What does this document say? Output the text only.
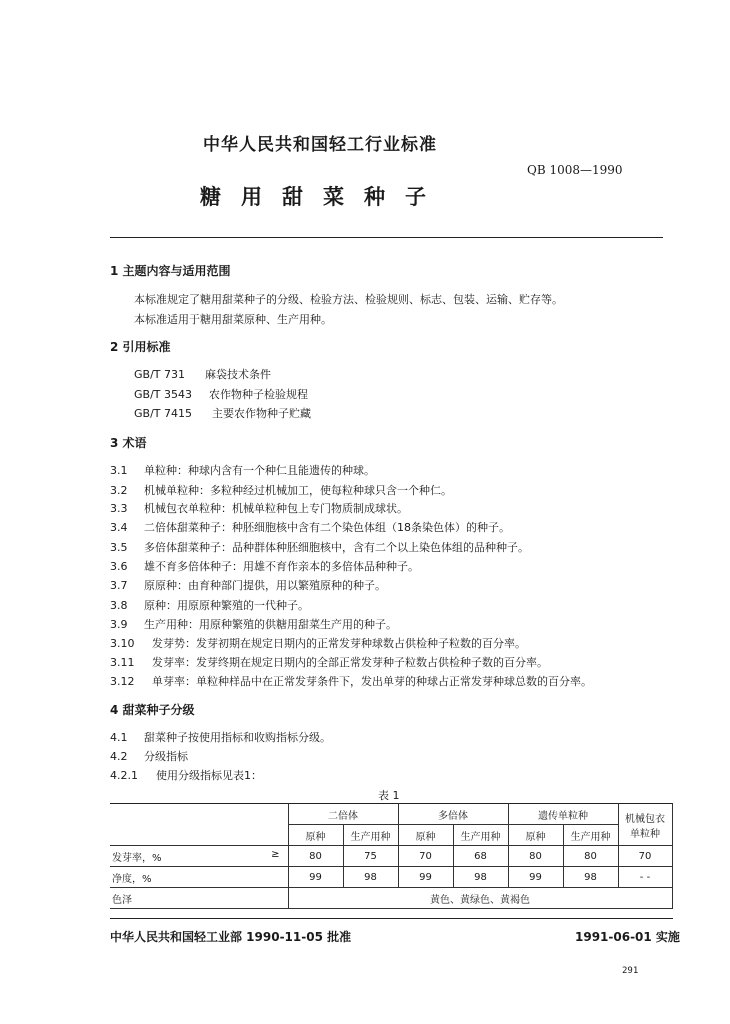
中华人民共和国轻工行业标准
QB 1008—1990
糖用甜菜种子
1 主题内容与适用范围
本标准规定了糖用甜菜种子的分级、检验方法、检验规则、标志、包装、运输、贮存等。
本标准适用于糖用甜菜原种、生产用种。
2 引用标准
GB/T 731 麻袋技术条件
GB/T 3543 农作物种子检验规程
GB/T 7415 主要农作物种子贮藏
3 术语
3.1 单粒种：种球内含有一个种仁且能遗传的种球。
3.2 机械单粒种：多粒种经过机械加工，使每粒种球只含一个种仁。
3.3 机械包衣单粒种：机械单粒种包上专门物质制成球状。
3.4 二倍体甜菜种子：种胚细胞核中含有二个染色体组（18条染色体）的种子。
3.5 多倍体甜菜种子：品种群体种胚细胞核中，含有二个以上染色体组的品种种子。
3.6 雄不育多倍体种子：用雄不育作亲本的多倍体品种种子。
3.7 原原种：由育种部门提供，用以繁殖原种的种子。
3.8 原种：用原原种繁殖的一代种子。
3.9 生产用种：用原种繁殖的供糖用甜菜生产用的种子。
3.10 发芽势：发芽初期在规定日期内的正常发芽种球数占供检种子粒数的百分率。
3.11 发芽率：发芽终期在规定日期内的全部正常发芽种子粒数占供检种子数的百分率。
3.12 单芽率：单粒种样品中在正常发芽条件下，发出单芽的种球占正常发芽种球总数的百分率。
4 甜菜种子分级
4.1 甜菜种子按使用指标和收购指标分级。
4.2 分级指标
4.2.1 使用分级指标见表1：
表 1
	二倍体		多倍体		遗传单粒种		机械包衣
单粒种

	原种	生产用种	原种	生产用种	原种	生产用种	
发芽率，% ≥	80	75	70	68	80	80	70
净度，%	99	98	99	98	99	98	- -
色泽	黄色、黄绿色、黄褐色						
中华人民共和国轻工业部 1990-11-05 批准	1991-06-01 实施
291
